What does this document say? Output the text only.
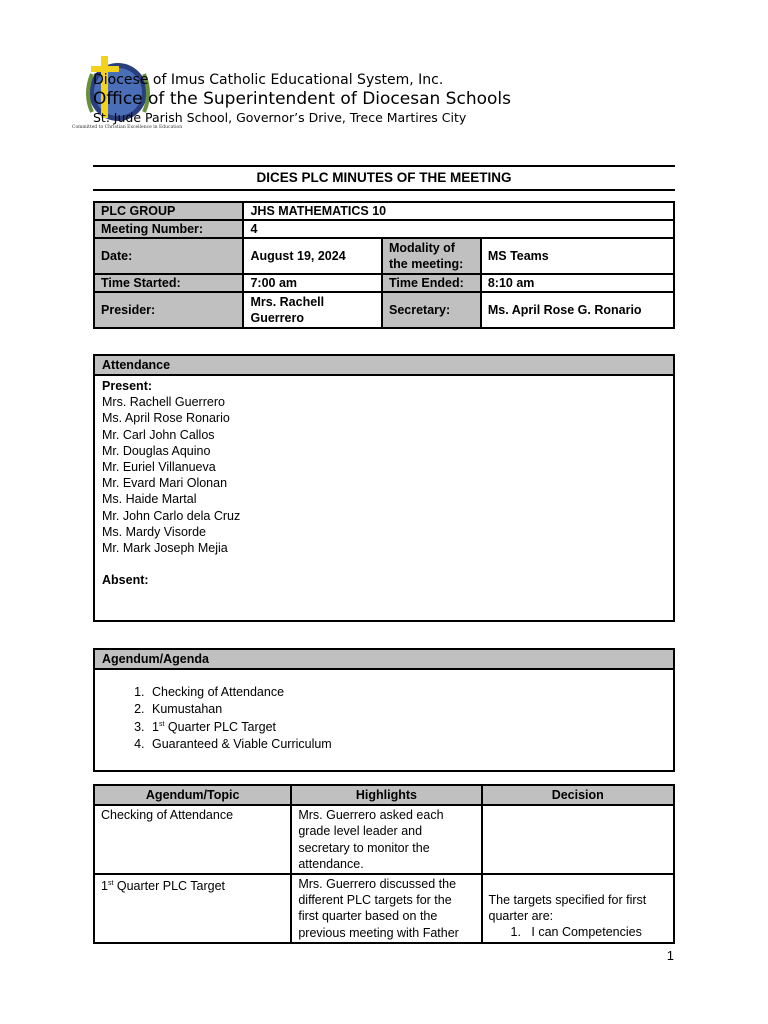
Diocese of Imus Catholic Educational System, Inc.
Office of the Superintendent of Diocesan Schools
St. Jude Parish School, Governor’s Drive, Trece Martires City
Committed to Christian Excellence in Education
DICES PLC MINUTES OF THE MEETING
PLC GROUP	JHS MATHEMATICS 10		
Meeting Number:	4		
Date:	August 19, 2024	Modality of the meeting:	MS Teams
Time Started:	7:00 am	Time Ended:	8:10 am
Presider:	Mrs. Rachell Guerrero	Secretary:	Ms. April Rose G. Ronario
Attendance

Present:
Mrs. Rachell Guerrero
Ms. April Rose Ronario
Mr. Carl John Callos
Mr. Douglas Aquino
Mr. Euriel Villanueva
Mr. Evard Mari Olonan
Ms. Haide Martal
Mr. John Carlo dela Cruz
Ms. Mardy Visorde
Mr. Mark Joseph Mejia
Absent:
Agendum/Agenda

1. Checking of Attendance
2. Kumustahan
3. 1st Quarter PLC Target
4. Guaranteed & Viable Curriculum
Agendum/Topic	Highlights	Decision
Checking of Attendance	Mrs. Guerrero asked each grade level leader and secretary to monitor the attendance.	
1st Quarter PLC Target	Mrs. Guerrero discussed the different PLC targets for the first quarter based on the previous meeting with Father	The targets specified for first quarter are:
1.   I can Competencies
1
